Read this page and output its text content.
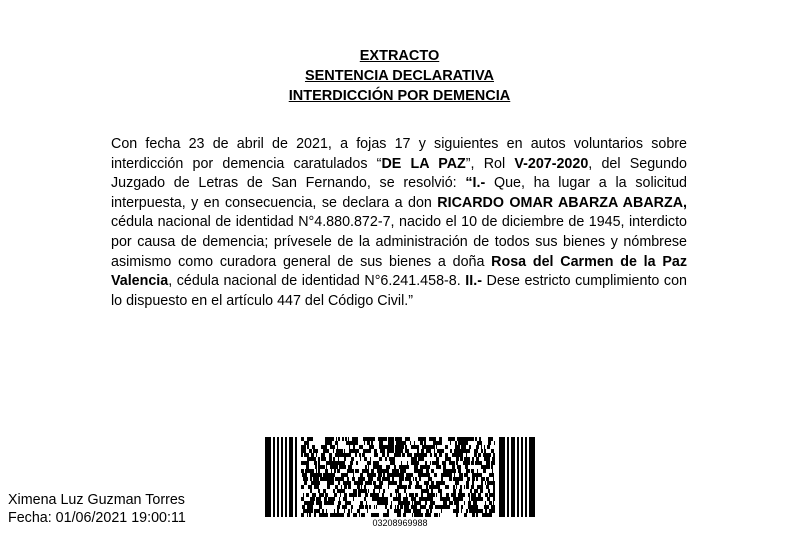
EXTRACTO
SENTENCIA DECLARATIVA
INTERDICCIÓN POR DEMENCIA
Con fecha 23 de abril de 2021, a fojas 17 y siguientes en autos voluntarios sobre interdicción por demencia caratulados “DE LA PAZ”, Rol V-207-2020, del Segundo Juzgado de Letras de San Fernando, se resolvió: “I.- Que, ha lugar a la solicitud interpuesta, y en consecuencia, se declara a don RICARDO OMAR ABARZA ABARZA, cédula nacional de identidad N°4.880.872-7, nacido el 10 de diciembre de 1945, interdicto por causa de demencia; prívesele de la administración de todos sus bienes y nómbrese asimismo como curadora general de sus bienes a doña Rosa del Carmen de la Paz Valencia, cédula nacional de identidad N°6.241.458-8. II.- Dese estricto cumplimiento con lo dispuesto en el artículo 447 del Código Civil.”
03208969988
Ximena Luz Guzman Torres
Fecha: 01/06/2021 19:00:11
